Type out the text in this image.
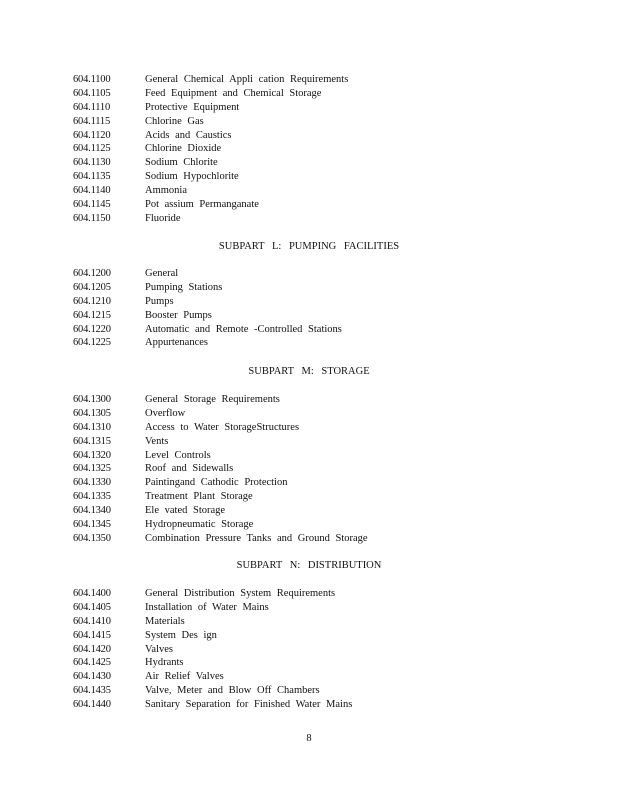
604.1100	General Chemical Appli cation Requirements
604.1105	Feed Equipment and Chemical Storage
604.1110	Protective Equipment
604.1115	Chlorine Gas
604.1120	Acids and Caustics
604.1125	Chlorine Dioxide
604.1130	Sodium Chlorite
604.1135	Sodium Hypochlorite
604.1140	Ammonia
604.1145	Pot assium Permanganate
604.1150	Fluoride
SUBPART L: PUMPING FACILITIES
604.1200	General
604.1205	Pumping Stations
604.1210	Pumps
604.1215	Booster Pumps
604.1220	Automatic and Remote -Controlled Stations
604.1225	Appurtenances
SUBPART M: STORAGE
604.1300	General Storage Requirements
604.1305	Overflow
604.1310	Access to Water StorageStructures
604.1315	Vents
604.1320	Level Controls
604.1325	Roof and Sidewalls
604.1330	Paintingand Cathodic Protection
604.1335	Treatment Plant Storage
604.1340	Ele vated Storage
604.1345	Hydropneumatic Storage
604.1350	Combination Pressure Tanks and Ground Storage
SUBPART N: DISTRIBUTION
604.1400	General Distribution System Requirements
604.1405	Installation of Water Mains
604.1410	Materials
604.1415	System Des ign
604.1420	Valves
604.1425	Hydrants
604.1430	Air Relief Valves
604.1435	Valve, Meter and Blow Off Chambers
604.1440	Sanitary Separation for Finished Water Mains
8
